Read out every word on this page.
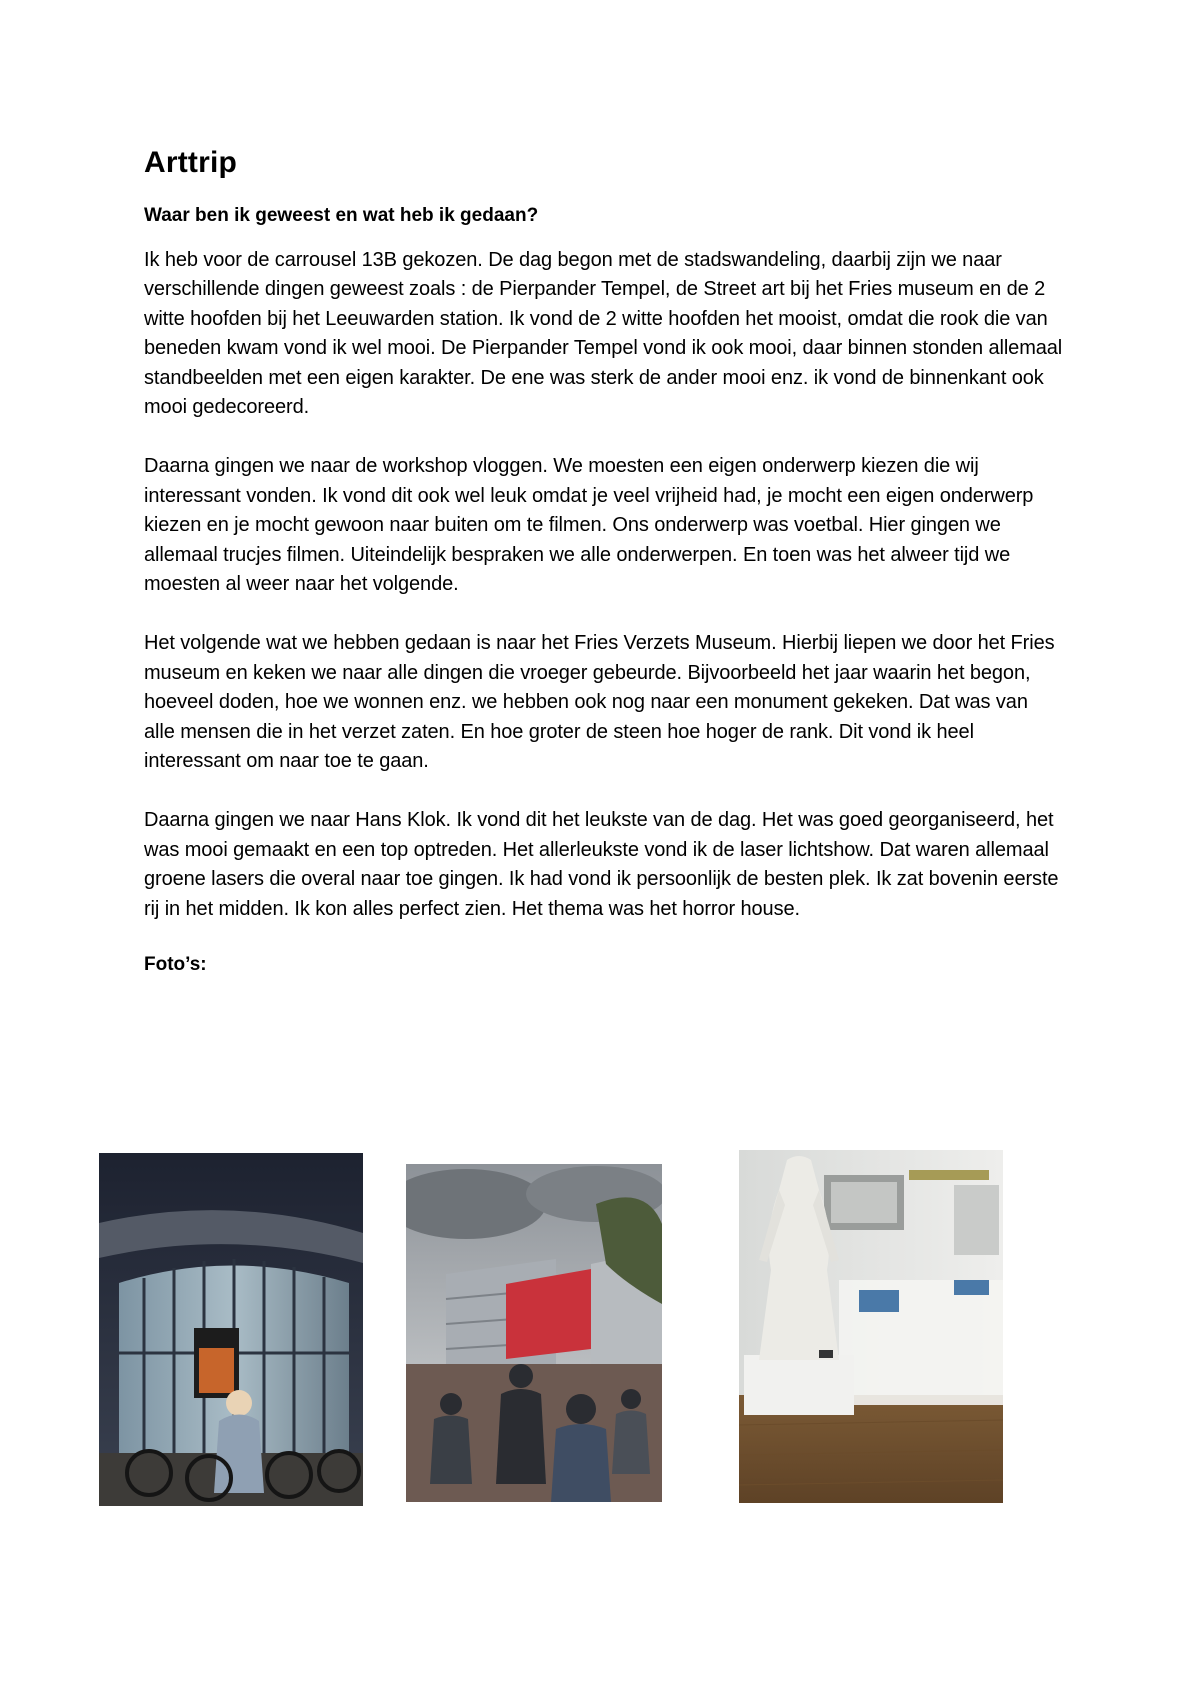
Arttrip

Waar ben ik geweest en wat heb ik gedaan?

Ik heb voor de carrousel 13B gekozen. De dag begon met de stadswandeling, daarbij zijn we naar verschillende dingen geweest zoals : de Pierpander Tempel, de Street art bij het Fries museum en de 2 witte hoofden bij het Leeuwarden station. Ik vond de 2 witte hoofden het mooist, omdat die rook die van beneden kwam vond ik wel mooi. De Pierpander Tempel vond ik ook mooi, daar binnen stonden allemaal standbeelden met een eigen karakter. De ene was sterk de ander mooi enz. ik vond de binnenkant ook mooi gedecoreerd.

Daarna gingen we naar de workshop vloggen. We moesten een eigen onderwerp kiezen die wij interessant vonden. Ik vond dit ook wel leuk omdat je veel vrijheid had, je mocht een eigen onderwerp kiezen en je mocht gewoon naar buiten om te filmen. Ons onderwerp was voetbal. Hier gingen we allemaal trucjes filmen. Uiteindelijk bespraken we alle onderwerpen. En toen was het alweer tijd we moesten al weer naar het volgende.

Het volgende wat we hebben gedaan is naar het Fries Verzets Museum. Hierbij liepen we door het Fries museum en keken we naar alle dingen die vroeger gebeurde. Bijvoorbeeld het jaar waarin het begon, hoeveel doden, hoe we wonnen enz. we hebben ook nog naar een monument gekeken. Dat was van alle mensen die in het verzet zaten. En hoe groter de steen hoe hoger de rank. Dit vond ik heel interessant om naar toe te gaan.

Daarna gingen we naar Hans Klok. Ik vond dit het leukste van de dag. Het was goed georganiseerd, het was mooi gemaakt en een top optreden. Het allerleukste vond ik de laser lichtshow. Dat waren allemaal groene lasers die overal naar toe gingen. Ik had vond ik persoonlijk de besten plek. Ik zat bovenin eerste rij in het midden. Ik kon alles perfect zien. Het thema was het horror house.

Foto’s:
